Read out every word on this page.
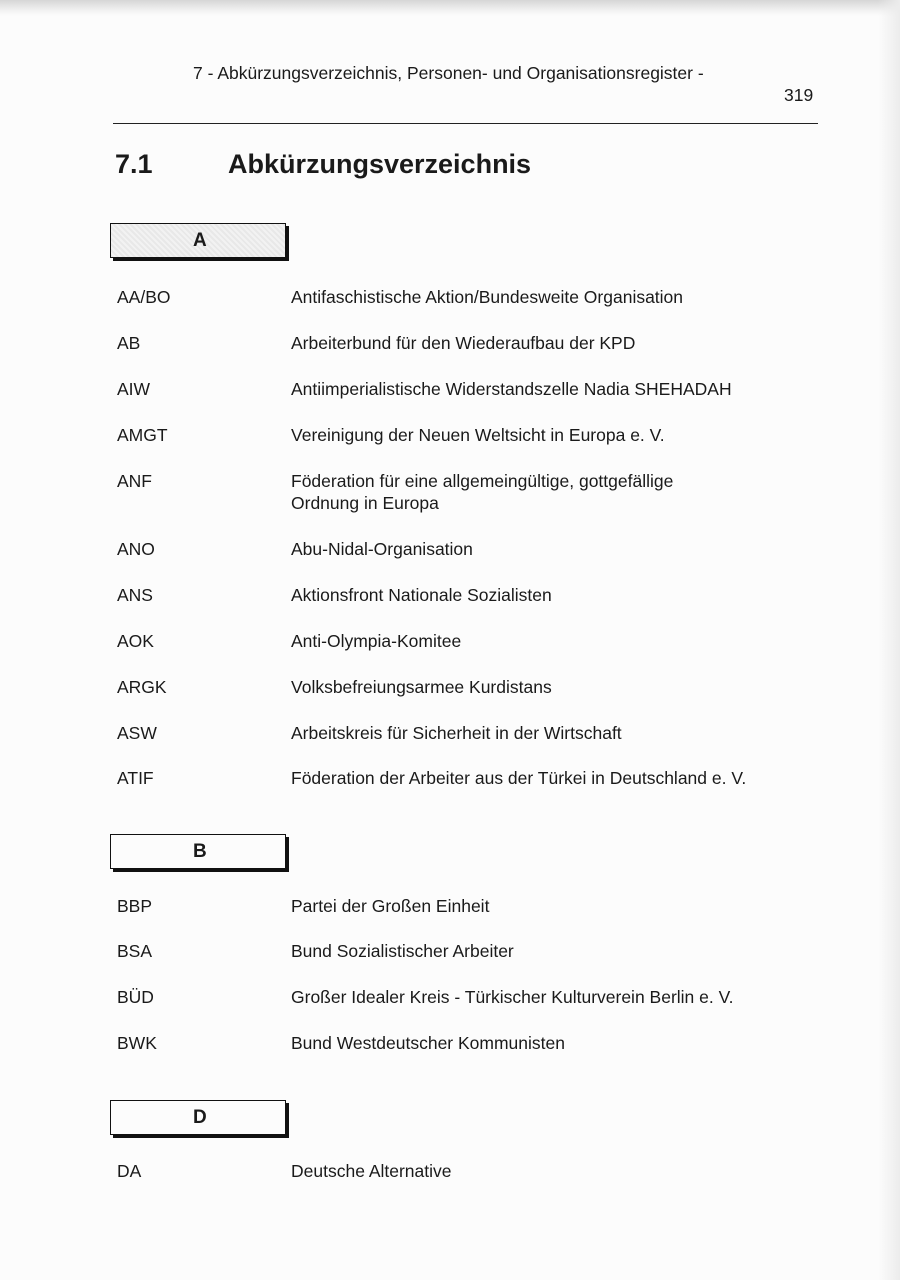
7 - Abkürzungsverzeichnis, Personen- und Organisationsregister -
319
7.1	Abkürzungsverzeichnis
A
AA/BO	Antifaschistische Aktion/Bundesweite Organisation
AB	Arbeiterbund für den Wiederaufbau der KPD
AIW	Antiimperialistische Widerstandszelle Nadia SHEHADAH
AMGT	Vereinigung der Neuen Weltsicht in Europa e. V.
ANF	Föderation für eine allgemeingültige, gottgefällige Ordnung in Europa
ANO	Abu-Nidal-Organisation
ANS	Aktionsfront Nationale Sozialisten
AOK	Anti-Olympia-Komitee
ARGK	Volksbefreiungsarmee Kurdistans
ASW	Arbeitskreis für Sicherheit in der Wirtschaft
ATIF	Föderation der Arbeiter aus der Türkei in Deutschland e. V.
B
BBP	Partei der Großen Einheit
BSA	Bund Sozialistischer Arbeiter
BÜD	Großer Idealer Kreis - Türkischer Kulturverein Berlin e. V.
BWK	Bund Westdeutscher Kommunisten
D
DA	Deutsche Alternative
